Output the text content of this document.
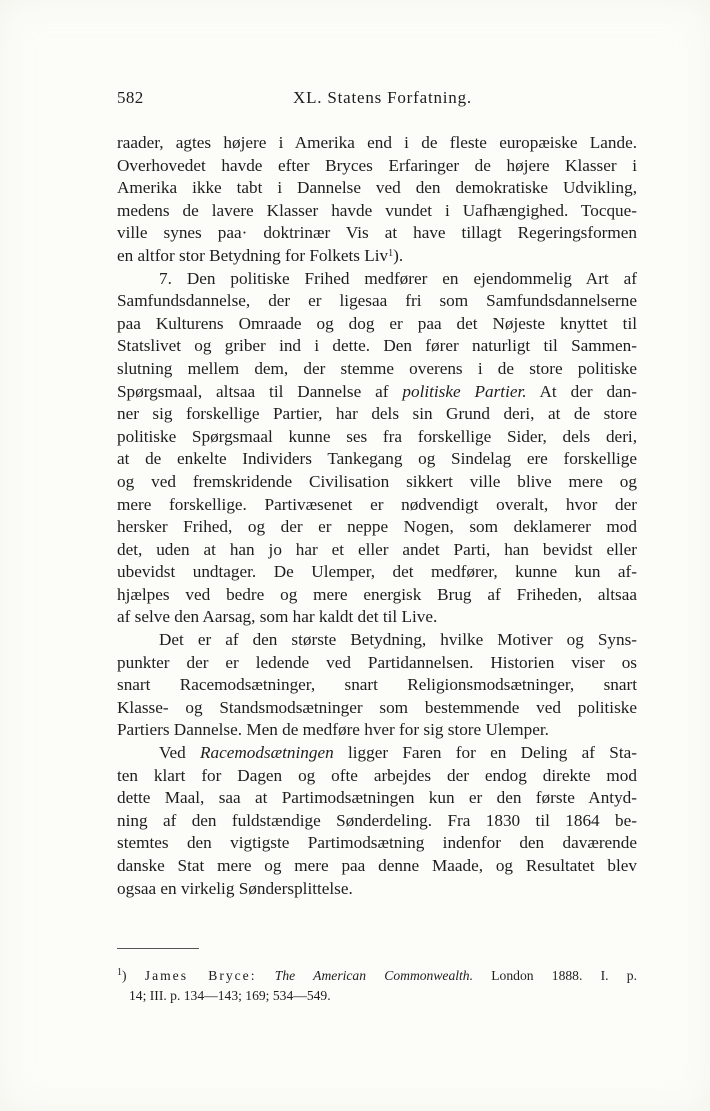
582	XL. Statens Forfatning.
raader, agtes højere i Amerika end i de fleste europæiske Lande.
Overhovedet havde efter Bryces Erfaringer de højere Klasser i
Amerika ikke tabt i Dannelse ved den demokratiske Udvikling,
medens de lavere Klasser havde vundet i Uafhængighed. Tocque-
ville synes paa· doktrinær Vis at have tillagt Regeringsformen
en altfor stor Betydning for Folkets Liv$^1$).
7. Den politiske Frihed medfører en ejendommelig Art af
Samfundsdannelse, der er ligesaa fri som Samfundsdannelserne
paa Kulturens Omraade og dog er paa det Nøjeste knyttet til
Statslivet og griber ind i dette. Den fører naturligt til Sammen-
slutning mellem dem, der stemme overens i de store politiske
Spørgsmaal, altsaa til Dannelse af politiske Partier. At der dan-
ner sig forskellige Partier, har dels sin Grund deri, at de store
politiske Spørgsmaal kunne ses fra forskellige Sider, dels deri,
at de enkelte Individers Tankegang og Sindelag ere forskellige
og ved fremskridende Civilisation sikkert ville blive mere og
mere forskellige. Partivæsenet er nødvendigt overalt, hvor der
hersker Frihed, og der er neppe Nogen, som deklamerer mod
det, uden at han jo har et eller andet Parti, han bevidst eller
ubevidst undtager. De Ulemper, det medfører, kunne kun af-
hjælpes ved bedre og mere energisk Brug af Friheden, altsaa
af selve den Aarsag, som har kaldt det til Live.
Det er af den største Betydning, hvilke Motiver og Syns-
punkter der er ledende ved Partidannelsen. Historien viser os
snart Racemodsætninger, snart Religionsmodsætninger, snart
Klasse- og Standsmodsætninger som bestemmende ved politiske
Partiers Dannelse. Men de medføre hver for sig store Ulemper.
Ved Racemodsætningen ligger Faren for en Deling af Sta-
ten klart for Dagen og ofte arbejdes der endog direkte mod
dette Maal, saa at Partimodsætningen kun er den første Antyd-
ning af den fuldstændige Sønderdeling. Fra 1830 til 1864 be-
stemtes den vigtigste Partimodsætning indenfor den daværende
danske Stat mere og mere paa denne Maade, og Resultatet blev
ogsaa en virkelig Søndersplittelse.
$^1$) James Bryce: The American Commonwealth. London 1888. I. p.
14; III. p. 134—143; 169; 534—549.
